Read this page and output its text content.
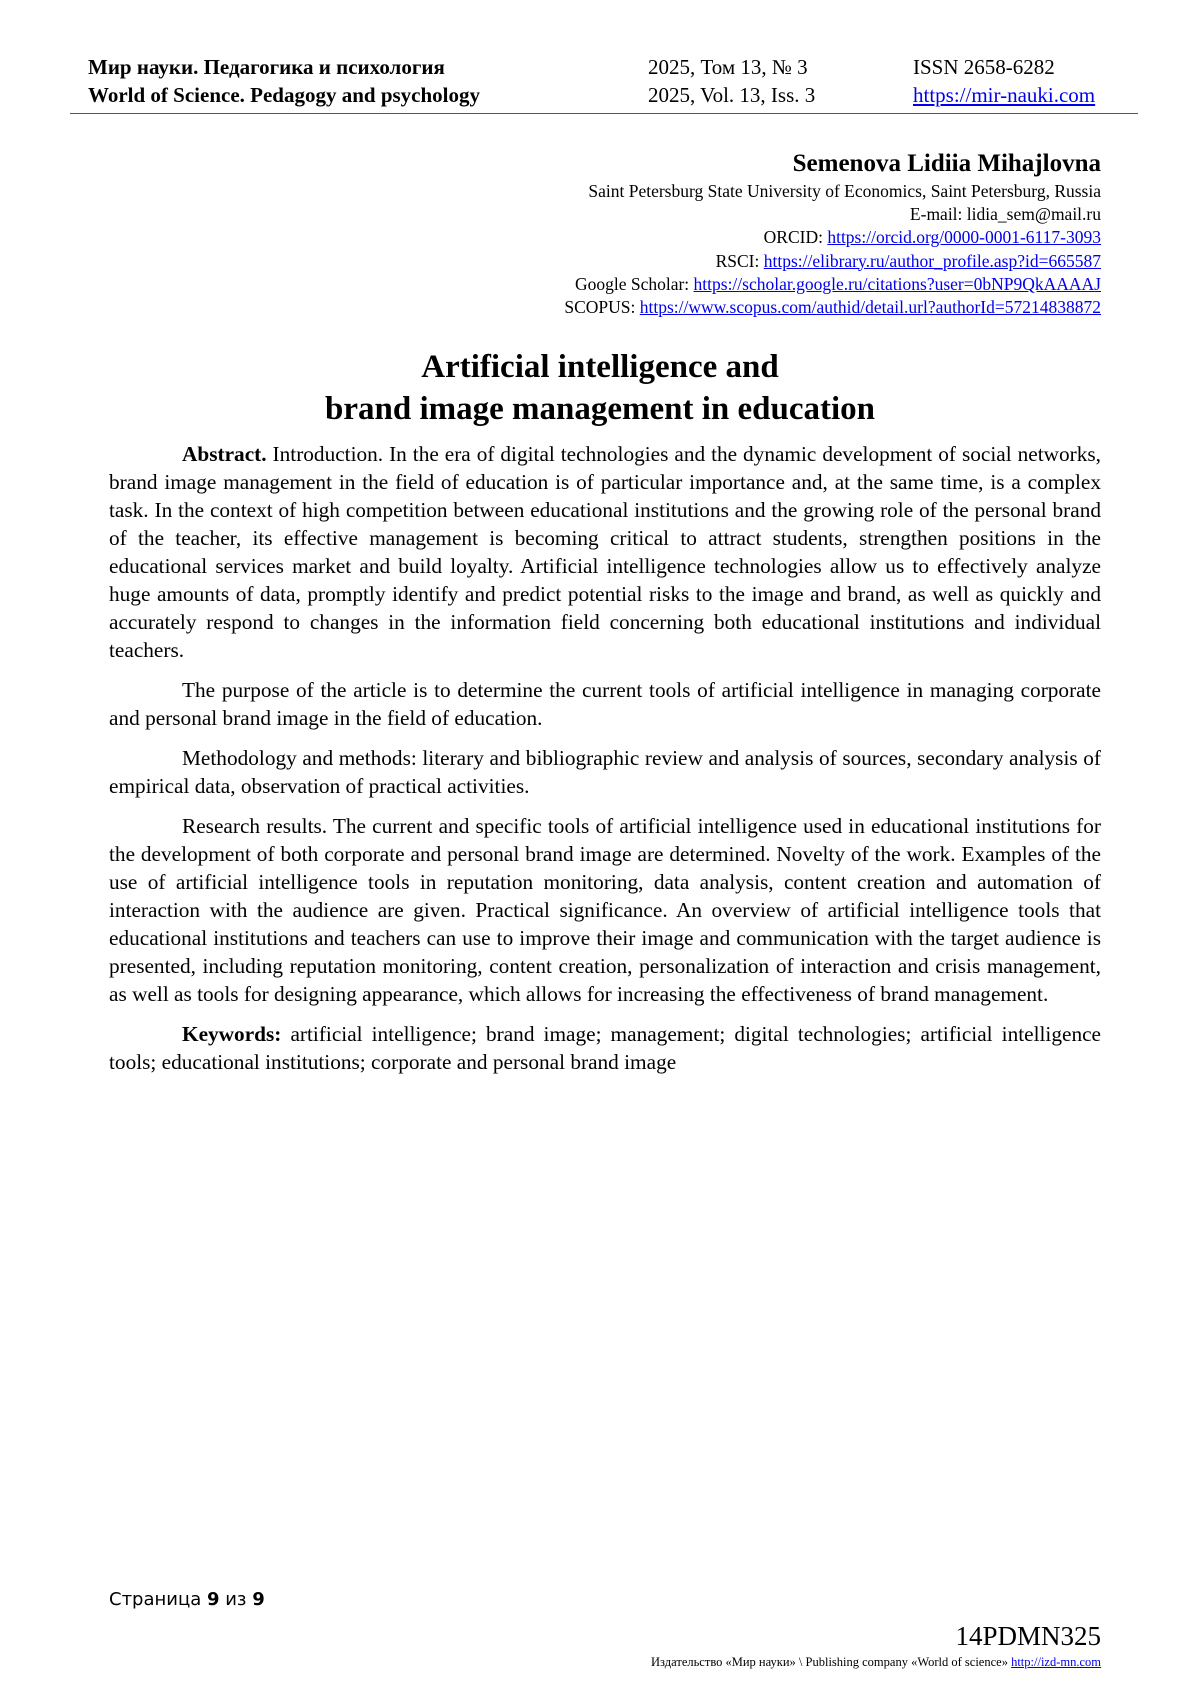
Мир науки. Педагогика и психология
World of Science. Pedagogy and psychology
2025, Том 13, № 3
2025, Vol. 13, Iss. 3
ISSN 2658-6282
https://mir-nauki.com
Semenova Lidiia Mihajlovna
Saint Petersburg State University of Economics, Saint Petersburg, Russia
E-mail: lidia_sem@mail.ru
ORCID: https://orcid.org/0000-0001-6117-3093
RSCI: https://elibrary.ru/author_profile.asp?id=665587
Google Scholar: https://scholar.google.ru/citations?user=0bNP9QkAAAAJ
SCOPUS: https://www.scopus.com/authid/detail.url?authorId=57214838872
Artificial intelligence and
brand image management in education

Abstract. Introduction. In the era of digital technologies and the dynamic development of social networks, brand image management in the field of education is of particular importance and, at the same time, is a complex task. In the context of high competition between educational institutions and the growing role of the personal brand of the teacher, its effective management is becoming critical to attract students, strengthen positions in the educational services market and build loyalty. Artificial intelligence technologies allow us to effectively analyze huge amounts of data, promptly identify and predict potential risks to the image and brand, as well as quickly and accurately respond to changes in the information field concerning both educational institutions and individual teachers.

The purpose of the article is to determine the current tools of artificial intelligence in managing corporate and personal brand image in the field of education.

Methodology and methods: literary and bibliographic review and analysis of sources, secondary analysis of empirical data, observation of practical activities.

Research results. The current and specific tools of artificial intelligence used in educational institutions for the development of both corporate and personal brand image are determined. Novelty of the work. Examples of the use of artificial intelligence tools in reputation monitoring, data analysis, content creation and automation of interaction with the audience are given. Practical significance. An overview of artificial intelligence tools that educational institutions and teachers can use to improve their image and communication with the target audience is presented, including reputation monitoring, content creation, personalization of interaction and crisis management, as well as tools for designing appearance, which allows for increasing the effectiveness of brand management.

Keywords: artificial intelligence; brand image; management; digital technologies; artificial intelligence tools; educational institutions; corporate and personal brand image

Страница 9 из 9
14PDMN325
Издательство «Мир науки» \ Publishing company «World of science» http://izd-mn.com
